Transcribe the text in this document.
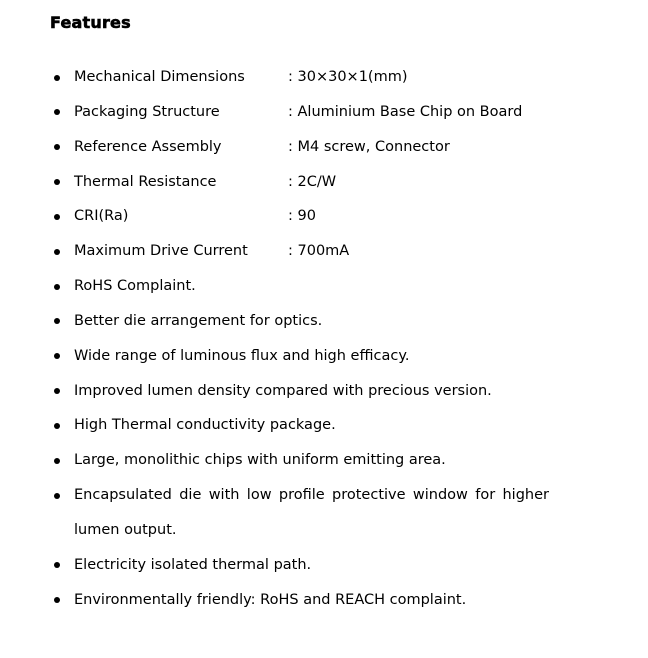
Features
Mechanical Dimensions	: 30×30×1(mm)
Packaging Structure	: Aluminium Base Chip on Board
Reference Assembly	: M4 screw, Connector
Thermal Resistance	: 2C/W
CRI(Ra)	: 90
Maximum Drive Current	: 700mA
RoHS Complaint.
Better die arrangement for optics.
Wide range of luminous flux and high efficacy.
Improved lumen density compared with precious version.
High Thermal conductivity package.
Large, monolithic chips with uniform emitting area.
Encapsulated die with low profile protective window for higher lumen output.
Electricity isolated thermal path.
Environmentally friendly: RoHS and REACH complaint.
